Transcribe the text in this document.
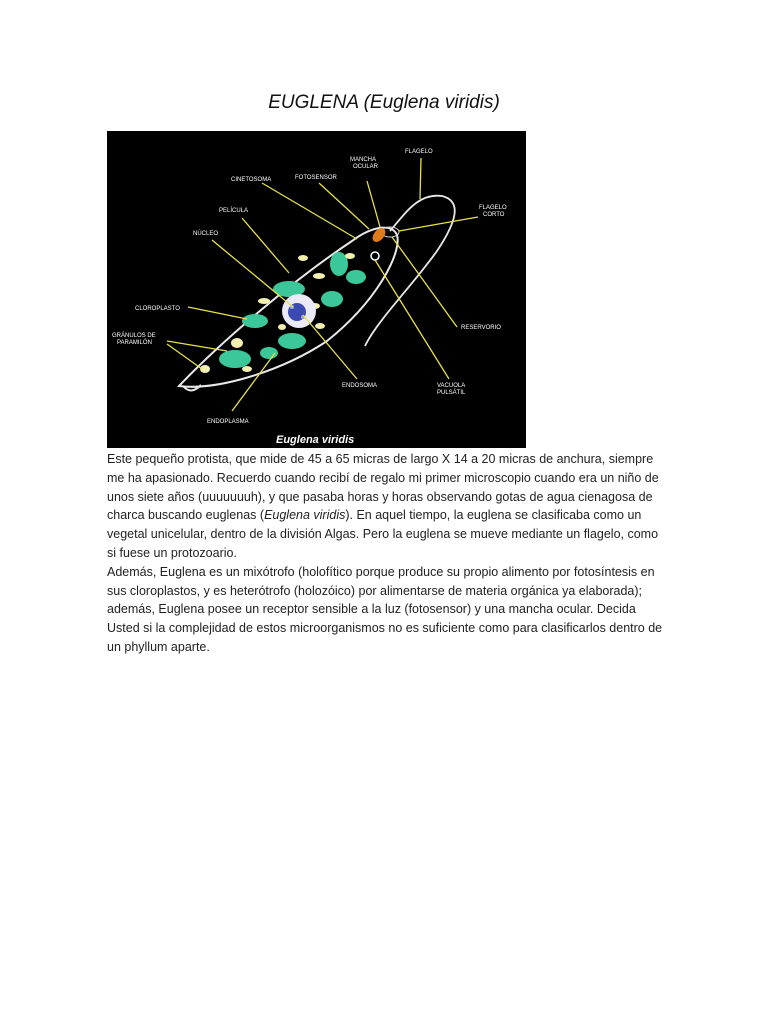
EUGLENA (Euglena viridis)
FLAGELO
MANCHA
OCULAR
CINETOSOMA	FOTOSENSOR
FLAGELO
CORTO
PELÍCULA
NÚCLEO
CLOROPLASTO
GRÁNULOS DE
PARAMILÓN
RESERVORIO
ENDOSOMA	VACUOLA
PULSÁTIL
ENDOPLASMA
Euglena viridis

Este pequeño protista, que mide de 45 a 65 micras de largo X 14 a 20 micras de anchura, siempre me ha apasionado. Recuerdo cuando recibí de regalo mi primer microscopio cuando era un niño de unos siete años (uuuuuuuh), y que pasaba horas y horas observando gotas de agua cienagosa de charca buscando euglenas (Euglena viridis). En aquel tiempo, la euglena se clasificaba como un vegetal unicelular, dentro de la división Algas. Pero la euglena se mueve mediante un flagelo, como si fuese un protozoario.

Además, Euglena es un mixótrofo (holofítico porque produce su propio alimento por fotosíntesis en sus cloroplastos, y es heterótrofo (holozóico) por alimentarse de materia orgánica ya elaborada); además, Euglena posee un receptor sensible a la luz (fotosensor) y una mancha ocular. Decida Usted si la complejidad de estos microorganismos no es suficiente como para clasificarlos dentro de un phyllum aparte.
